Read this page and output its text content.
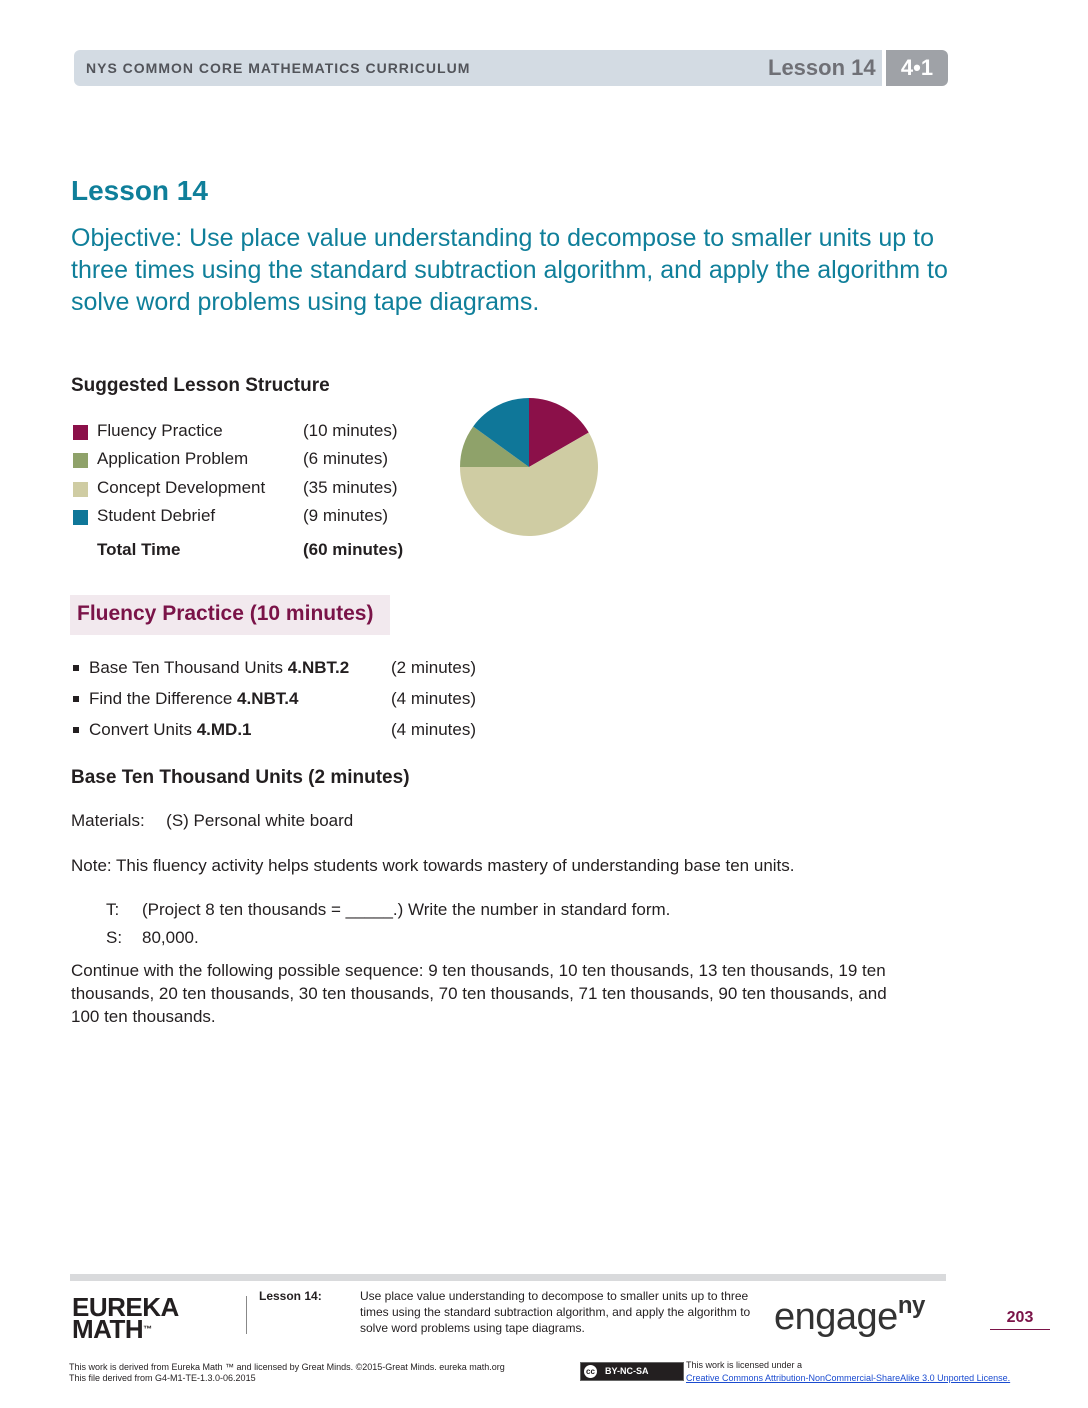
NYS COMMON CORE MATHEMATICS CURRICULUM	Lesson 14	4•1
Lesson 14
Objective: Use place value understanding to decompose to smaller units up to three times using the standard subtraction algorithm, and apply the algorithm to solve word problems using tape diagrams.
Suggested Lesson Structure
Fluency Practice	(10 minutes)
Application Problem	(6 minutes)
Concept Development (35 minutes)
Student Debrief	(9 minutes)
Total Time	(60 minutes)
Fluency Practice (10 minutes)
Base Ten Thousand Units 4.NBT.2 (2 minutes)
Find the Difference 4.NBT.4	(4 minutes)
Convert Units 4.MD.1	(4 minutes)
Base Ten Thousand Units (2 minutes)
Materials: (S) Personal white board
Note: This fluency activity helps students work towards mastery of understanding base ten units.
T: (Project 8 ten thousands = _____.) Write the number in standard form.
S: 80,000.
Continue with the following possible sequence: 9 ten thousands, 10 ten thousands, 13 ten thousands, 19 ten thousands, 20 ten thousands, 30 ten thousands, 70 ten thousands, 71 ten thousands, 90 ten thousands, and 100 ten thousands.
EUREKA
MATH™
Lesson 14:	Use place value understanding to decompose to smaller units up to three times using the standard subtraction algorithm, and apply the algorithm to solve word problems using tape diagrams.	engage$^{ny}$	203
This work is derived from Eureka Math ™ and licensed by Great Minds. ©2015-Great Minds. eureka math.org
This file derived from G4-M1-TE-1.3.0-06.2015
cc BY-NC-SA
This work is licensed under a
Creative Commons Attribution-NonCommercial-ShareAlike 3.0 Unported License.
